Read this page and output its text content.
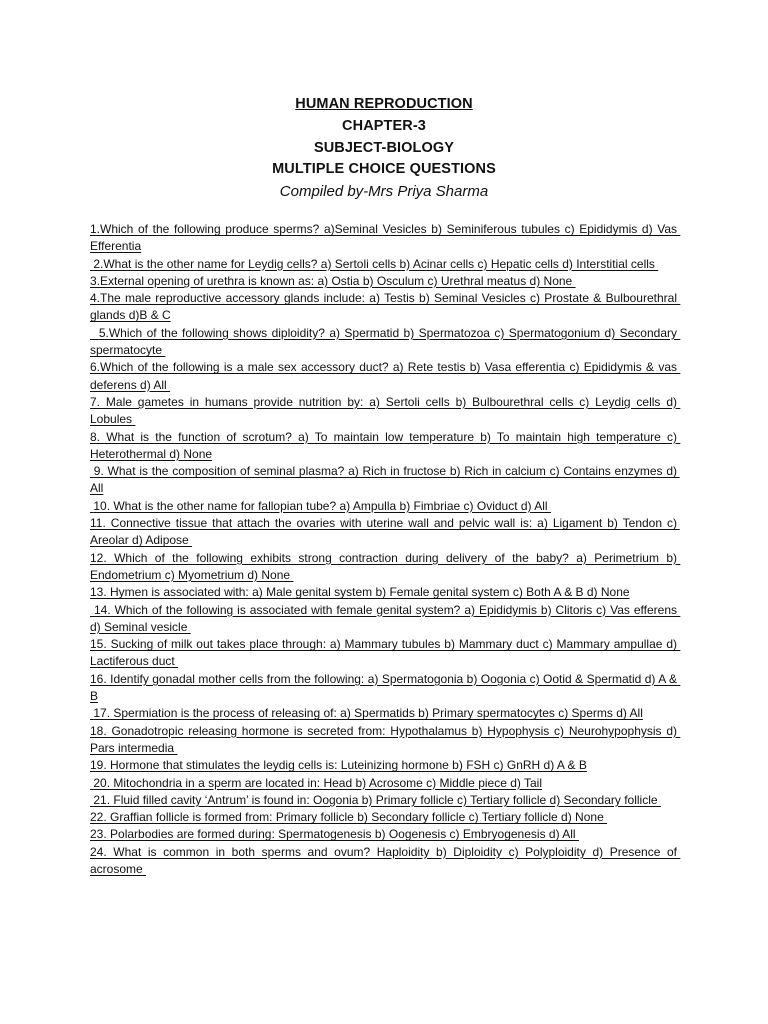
HUMAN REPRODUCTION
CHAPTER-3
SUBJECT-BIOLOGY
MULTIPLE CHOICE QUESTIONS
Compiled by-Mrs Priya Sharma

1.Which of the following produce sperms? a)Seminal Vesicles b) Seminiferous tubules c) Epididymis d) Vas Efferentia

2.What is the other name for Leydig cells? a) Sertoli cells b) Acinar cells c) Hepatic cells d) Interstitial cells

3.External opening of urethra is known as: a) Ostia b) Osculum c) Urethral meatus d) None

4.The male reproductive accessory glands include: a) Testis b) Seminal Vesicles c) Prostate & Bulbourethral glands d)B & C

5.Which of the following shows diploidity? a) Spermatid b) Spermatozoa c) Spermatogonium d) Secondary spermatocyte

6.Which of the following is a male sex accessory duct? a) Rete testis b) Vasa efferentia c) Epididymis & vas deferens d) All

7. Male gametes in humans provide nutrition by: a) Sertoli cells b) Bulbourethral cells c) Leydig cells d) Lobules

8. What is the function of scrotum? a) To maintain low temperature b) To maintain high temperature c) Heterothermal d) None

9. What is the composition of seminal plasma? a) Rich in fructose b) Rich in calcium c) Contains enzymes d) All

10. What is the other name for fallopian tube? a) Ampulla b) Fimbriae c) Oviduct d) All

11. Connective tissue that attach the ovaries with uterine wall and pelvic wall is: a) Ligament b) Tendon c) Areolar d) Adipose

12. Which of the following exhibits strong contraction during delivery of the baby? a) Perimetrium b) Endometrium c) Myometrium d) None

13. Hymen is associated with: a) Male genital system b) Female genital system c) Both A & B d) None

14. Which of the following is associated with female genital system? a) Epididymis b) Clitoris c) Vas efferens d) Seminal vesicle

15. Sucking of milk out takes place through: a) Mammary tubules b) Mammary duct c) Mammary ampullae d) Lactiferous duct

16. Identify gonadal mother cells from the following: a) Spermatogonia b) Oogonia c) Ootid & Spermatid d) A & B

17. Spermiation is the process of releasing of: a) Spermatids b) Primary spermatocytes c) Sperms d) All

18. Gonadotropic releasing hormone is secreted from: Hypothalamus b) Hypophysis c) Neurohypophysis d) Pars intermedia

19. Hormone that stimulates the leydig cells is: Luteinizing hormone b) FSH c) GnRH d) A & B

20. Mitochondria in a sperm are located in: Head b) Acrosome c) Middle piece d) Tail

21. Fluid filled cavity ‘Antrum’ is found in: Oogonia b) Primary follicle c) Tertiary follicle d) Secondary follicle

22. Graffian follicle is formed from: Primary follicle b) Secondary follicle c) Tertiary follicle d) None

23. Polarbodies are formed during: Spermatogenesis b) Oogenesis c) Embryogenesis d) All

24. What is common in both sperms and ovum? Haploidity b) Diploidity c) Polyploidity d) Presence of acrosome
